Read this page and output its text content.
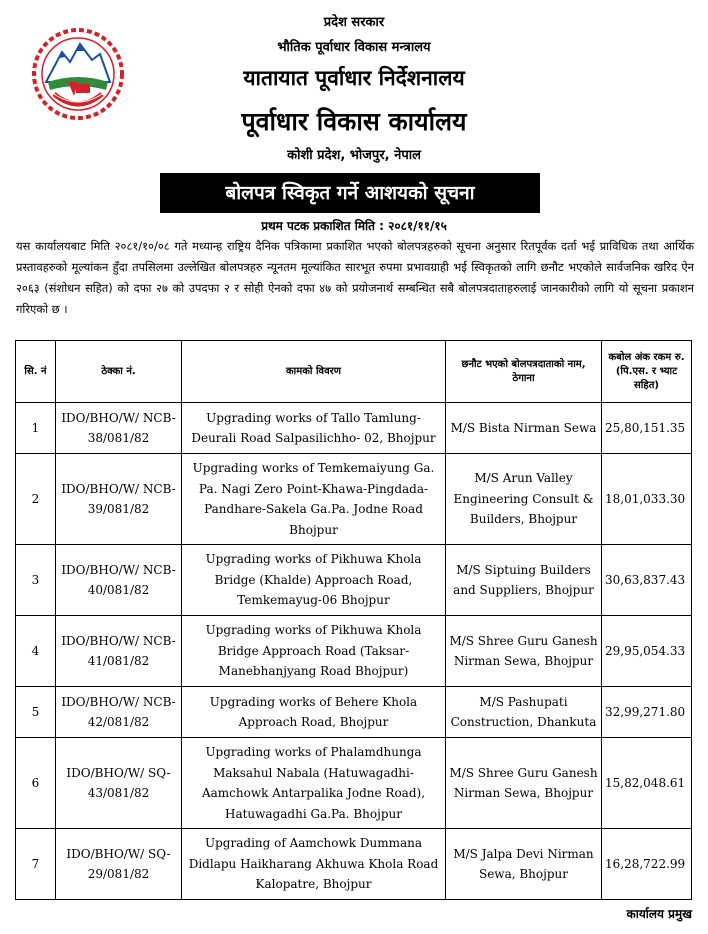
प्रदेश सरकार
भौतिक पूर्वाधार विकास मन्त्रालय
यातायात पूर्वाधार निर्देशनालय
पूर्वाधार विकास कार्यालय
कोशी प्रदेश, भोजपुर, नेपाल
बोलपत्र स्विकृत गर्ने आशयको सूचना
प्रथम पटक प्रकाशित मिति : २०८१/११/१५
यस कार्यालयबाट मिति २०८१/१०/०८ गते मध्यान्ह राष्ट्रिय दैनिक पत्रिकामा प्रकाशित भएको बोलपत्रहरुको सूचना अनुसार रितपूर्वक दर्ता भई प्राविधिक तथा आर्थिक प्रस्तावहरुको मूल्यांकन हुँदा तपसिलमा उल्लेखित बोलपत्रहरु न्यूनतम मूल्यांकित सारभूत रुपमा प्रभावग्राही भई स्विकृतको लागि छनौट भएकोले सार्वजनिक खरिद ऐन २०६३ (संशोधन सहित) को दफा २७ को उपदफा २ र सोही ऐनको दफा ४७ को प्रयोजनार्थ सम्बन्धित सबै बोलपत्रदाताहरुलाई जानकारीको लागि यो सूचना प्रकाशन गरिएको छ ।
सि. नं	ठेक्का नं.	कामको विवरण	छनौट भएको बोलपत्रदाताको नाम, ठेगाना	कबोल अंक रकम रु. (पि.एस. र भ्याट सहित)
1	IDO/BHO/W/ NCB-38/081/82	Upgrading works of Tallo Tamlung-Deurali Road Salpasilichho- 02, Bhojpur	M/S Bista Nirman Sewa	25,80,151.35
2	IDO/BHO/W/ NCB-39/081/82	Upgrading works of Temkemaiyung Ga. Pa. Nagi Zero Point-Khawa-Pingdada-Pandhare-Sakela Ga.Pa. Jodne Road Bhojpur	M/S Arun Valley Engineering Consult & Builders, Bhojpur	18,01,033.30
3	IDO/BHO/W/ NCB-40/081/82	Upgrading works of Pikhuwa Khola Bridge (Khalde) Approach Road, Temkemayug-06 Bhojpur	M/S Siptuing Builders and Suppliers, Bhojpur	30,63,837.43
4	IDO/BHO/W/ NCB-41/081/82	Upgrading works of Pikhuwa Khola Bridge Approach Road (Taksar-Manebhanjyang Road Bhojpur)	M/S Shree Guru Ganesh Nirman Sewa, Bhojpur	29,95,054.33
5	IDO/BHO/W/ NCB-42/081/82	Upgrading works of Behere Khola Approach Road, Bhojpur	M/S Pashupati Construction, Dhankuta	32,99,271.80
6	IDO/BHO/W/ SQ-43/081/82	Upgrading works of Phalamdhunga Maksahul Nabala (Hatuwagadhi-Aamchowk Antarpalika Jodne Road), Hatuwagadhi Ga.Pa. Bhojpur	M/S Shree Guru Ganesh Nirman Sewa, Bhojpur	15,82,048.61
7	IDO/BHO/W/ SQ-29/081/82	Upgrading of Aamchowk Dummana Didlapu Haikharang Akhuwa Khola Road Kalopatre, Bhojpur	M/S Jalpa Devi Nirman Sewa, Bhojpur	16,28,722.99
कार्यालय प्रमुख
